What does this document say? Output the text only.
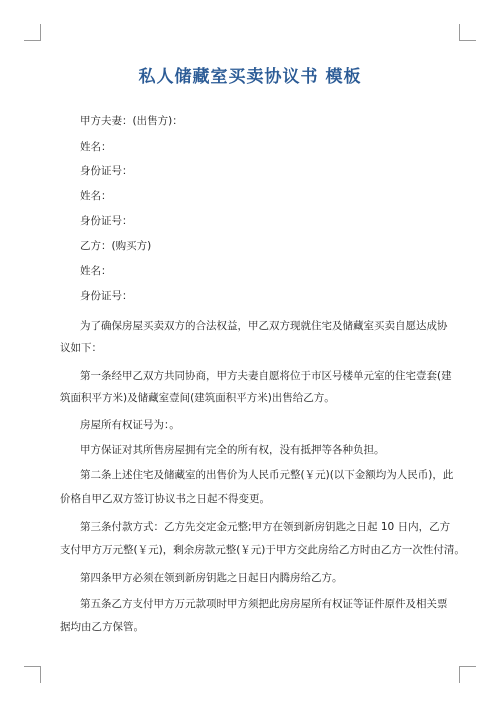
私人储藏室买卖协议书 模板
甲方夫妻：(出售方)：
姓名：
身份证号：
姓名：
身份证号：
乙方：(购买方)
姓名：
身份证号：
为了确保房屋买卖双方的合法权益，甲乙双方现就住宅及储藏室买卖自愿达成协
议如下：
第一条经甲乙双方共同协商，甲方夫妻自愿将位于市区号楼单元室的住宅壹套(建
筑面积平方米)及储藏室壹间(建筑面积平方米)出售给乙方。
房屋所有权证号为：。
甲方保证对其所售房屋拥有完全的所有权，没有抵押等各种负担。
第二条上述住宅及储藏室的出售价为人民币元整(￥元)(以下金额均为人民币)，此
价格自甲乙双方签订协议书之日起不得变更。
第三条付款方式：乙方先交定金元整;甲方在领到新房钥匙之日起 10 日内，乙方
支付甲方万元整(￥元)，剩余房款元整(￥元)于甲方交此房给乙方时由乙方一次性付清。
第四条甲方必须在领到新房钥匙之日起日内腾房给乙方。
第五条乙方支付甲方万元款项时甲方须把此房房屋所有权证等证件原件及相关票
据均由乙方保管。
